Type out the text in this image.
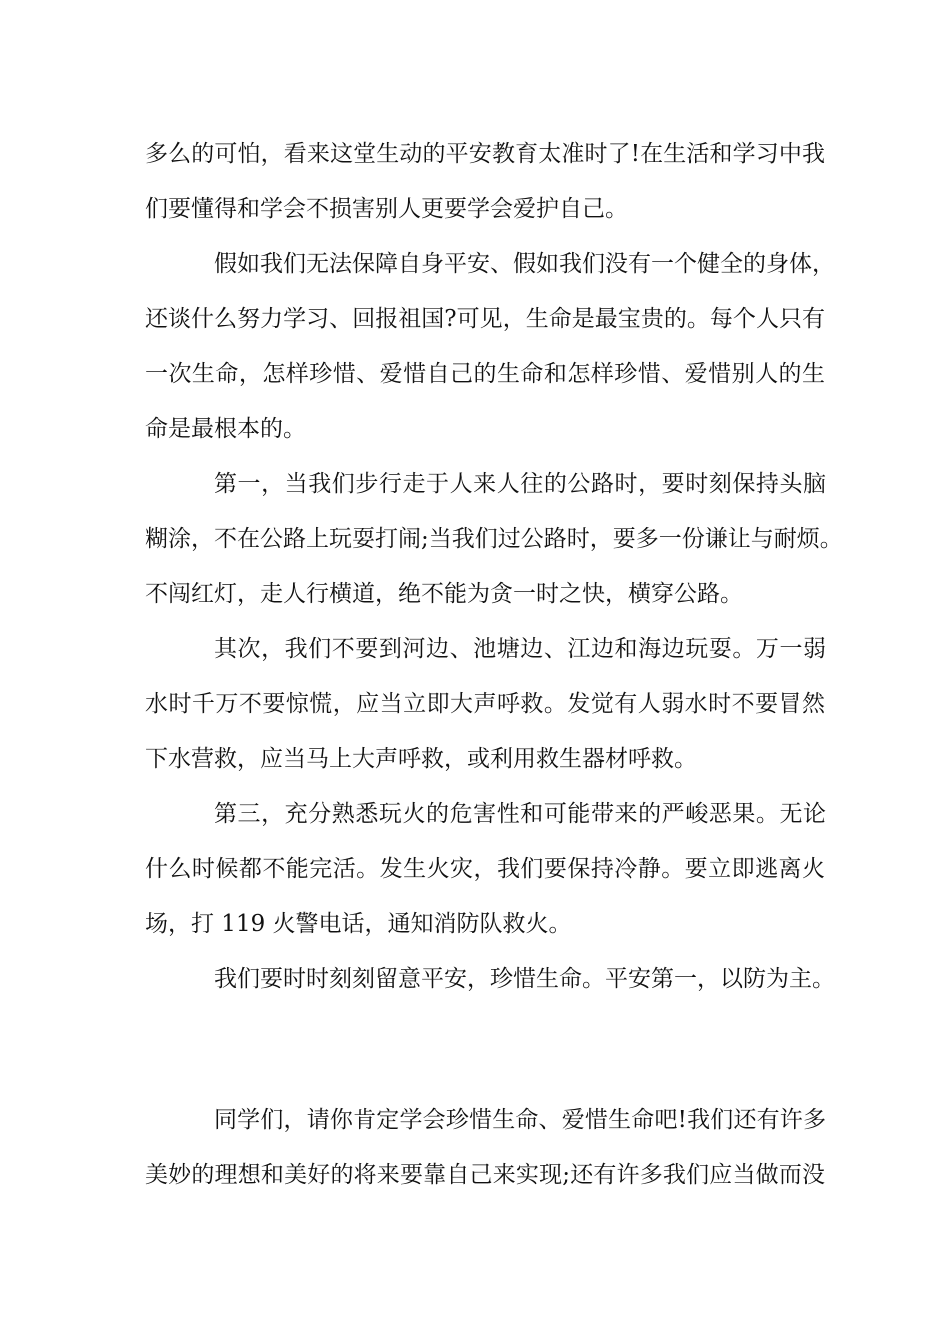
多么的可怕，看来这堂生动的平安教育太准时了!在生活和学习中我
们要懂得和学会不损害别人更要学会爱护自己。
假如我们无法保障自身平安、假如我们没有一个健全的身体，
还谈什么努力学习、回报祖国?可见，生命是最宝贵的。每个人只有
一次生命，怎样珍惜、爱惜自己的生命和怎样珍惜、爱惜别人的生
命是最根本的。
第一，当我们步行走于人来人往的公路时，要时刻保持头脑
糊涂，不在公路上玩耍打闹;当我们过公路时，要多一份谦让与耐烦。
不闯红灯，走人行横道，绝不能为贪一时之快，横穿公路。
其次，我们不要到河边、池塘边、江边和海边玩耍。万一弱
水时千万不要惊慌，应当立即大声呼救。发觉有人弱水时不要冒然
下水营救，应当马上大声呼救，或利用救生器材呼救。
第三，充分熟悉玩火的危害性和可能带来的严峻恶果。无论
什么时候都不能完活。发生火灾，我们要保持冷静。要立即逃离火
场，打 119 火警电话，通知消防队救火。
我们要时时刻刻留意平安，珍惜生命。平安第一，以防为主。
同学们，请你肯定学会珍惜生命、爱惜生命吧!我们还有许多
美妙的理想和美好的将来要靠自己来实现;还有许多我们应当做而没
